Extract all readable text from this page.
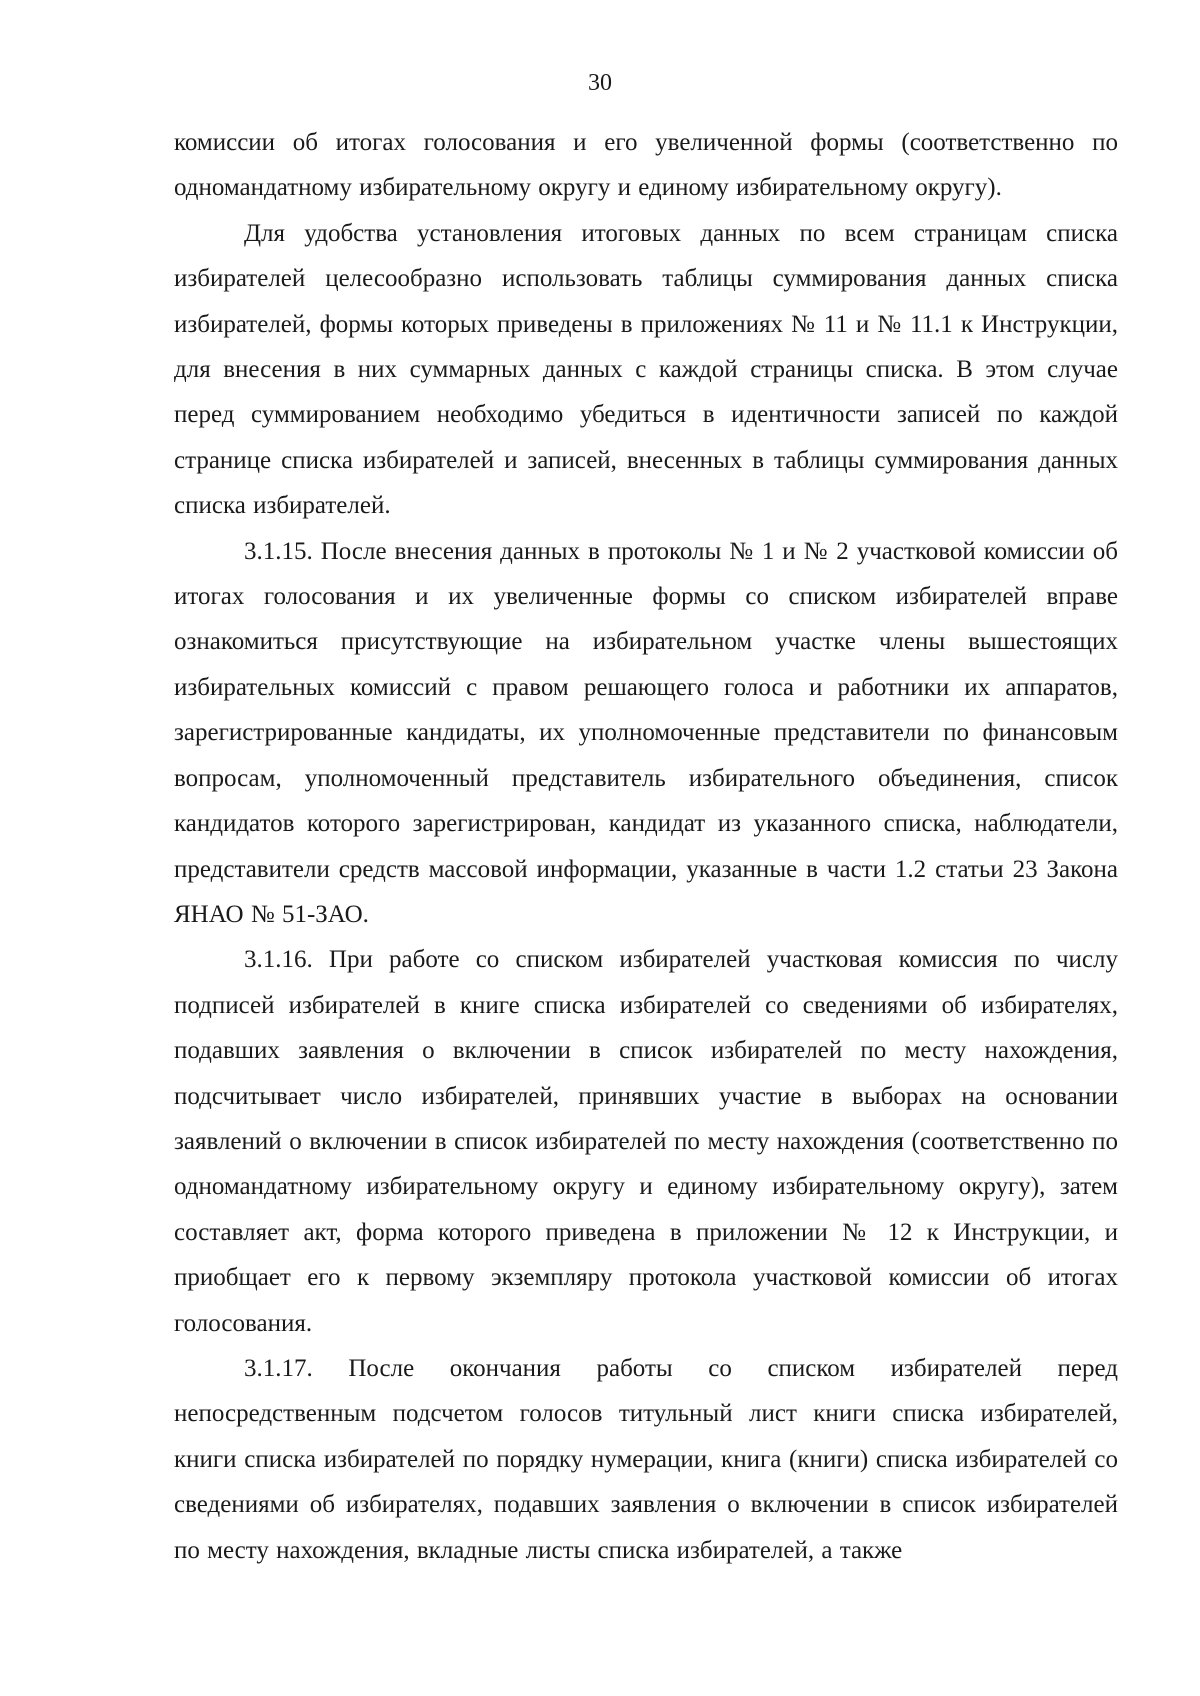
30

комиссии об итогах голосования и его увеличенной формы (соответственно по одномандатному избирательному округу и единому избирательному округу).

Для удобства установления итоговых данных по всем страницам списка избирателей целесообразно использовать таблицы суммирования данных списка избирателей, формы которых приведены в приложениях № 11 и № 11.1 к Инструкции, для внесения в них суммарных данных с каждой страницы списка. В этом случае перед суммированием необходимо убедиться в идентичности записей по каждой странице списка избирателей и записей, внесенных в таблицы суммирования данных списка избирателей.

3.1.15. После внесения данных в протоколы № 1 и № 2 участковой комиссии об итогах голосования и их увеличенные формы со списком избирателей вправе ознакомиться присутствующие на избирательном участке члены вышестоящих избирательных комиссий с правом решающего голоса и работники их аппаратов, зарегистрированные кандидаты, их уполномоченные представители по финансовым вопросам, уполномоченный представитель избирательного объединения, список кандидатов которого зарегистрирован, кандидат из указанного списка, наблюдатели, представители средств массовой информации, указанные в части 1.2 статьи 23 Закона ЯНАО № 51-ЗАО.

3.1.16. При работе со списком избирателей участковая комиссия по числу подписей избирателей в книге списка избирателей со сведениями об избирателях, подавших заявления о включении в список избирателей по месту нахождения, подсчитывает число избирателей, принявших участие в выборах на основании заявлений о включении в список избирателей по месту нахождения (соответственно по одномандатному избирательному округу и единому избирательному округу), затем составляет акт, форма которого приведена в приложении № 12 к Инструкции, и приобщает его к первому экземпляру протокола участковой комиссии об итогах голосования.

3.1.17. После окончания работы со списком избирателей перед непосредственным подсчетом голосов титульный лист книги списка избирателей, книги списка избирателей по порядку нумерации, книга (книги) списка избирателей со сведениями об избирателях, подавших заявления о включении в список избирателей по месту нахождения, вкладные листы списка избирателей, а также
